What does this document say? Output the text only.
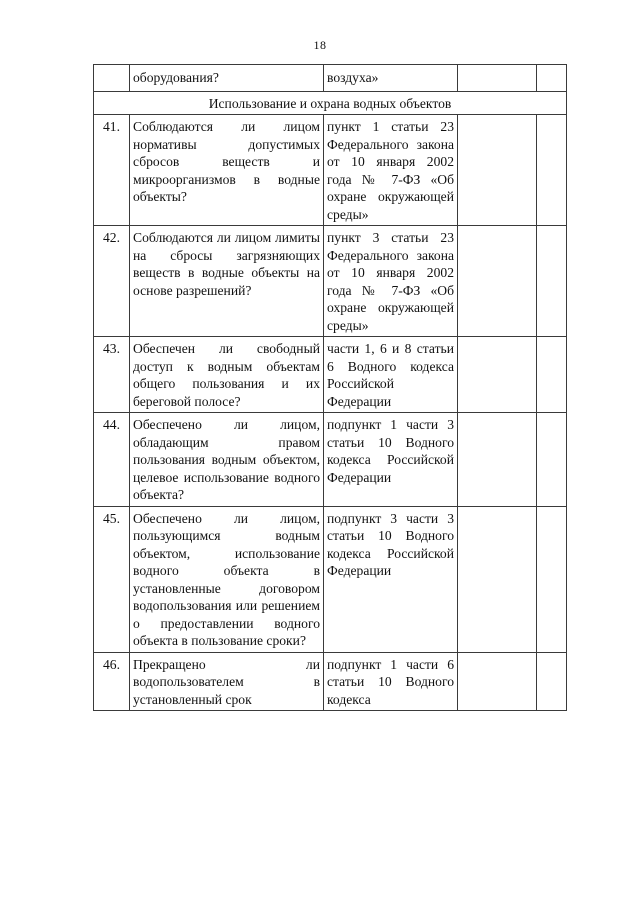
18
	оборудования?	воздуха»		
Использование и охрана водных объектов				
41.	Соблюдаются ли лицом нормативы допустимых сбросов веществ и микроорганизмов в водные объекты?	пункт 1 статьи 23 Федерального закона от 10 января 2002 года № 7-ФЗ «Об охране окружающей среды»		
42.	Соблюдаются ли лицом лимиты на сбросы загрязняющих веществ в водные объекты на основе разрешений?	пункт 3 статьи 23 Федерального закона от 10 января 2002 года № 7-ФЗ «Об охране окружающей среды»		
43.	Обеспечен ли свободный доступ к водным объектам общего пользования и их береговой полосе?	части 1, 6 и 8 статьи 6 Водного кодекса Российской Федерации		
44.	Обеспечено ли лицом, обладающим правом пользования водным объектом, целевое использование водного объекта?	подпункт 1 части 3 статьи 10 Водного кодекса Российской Федерации		
45.	Обеспечено ли лицом, пользующимся водным объектом, использование водного объекта в установленные договором водопользования или решением о предоставлении водного объекта в пользование сроки?	подпункт 3 части 3 статьи 10 Водного кодекса Российской Федерации		
46.	Прекращено ли водопользователем в установленный срок	подпункт 1 части 6 статьи 10 Водного кодекса		
